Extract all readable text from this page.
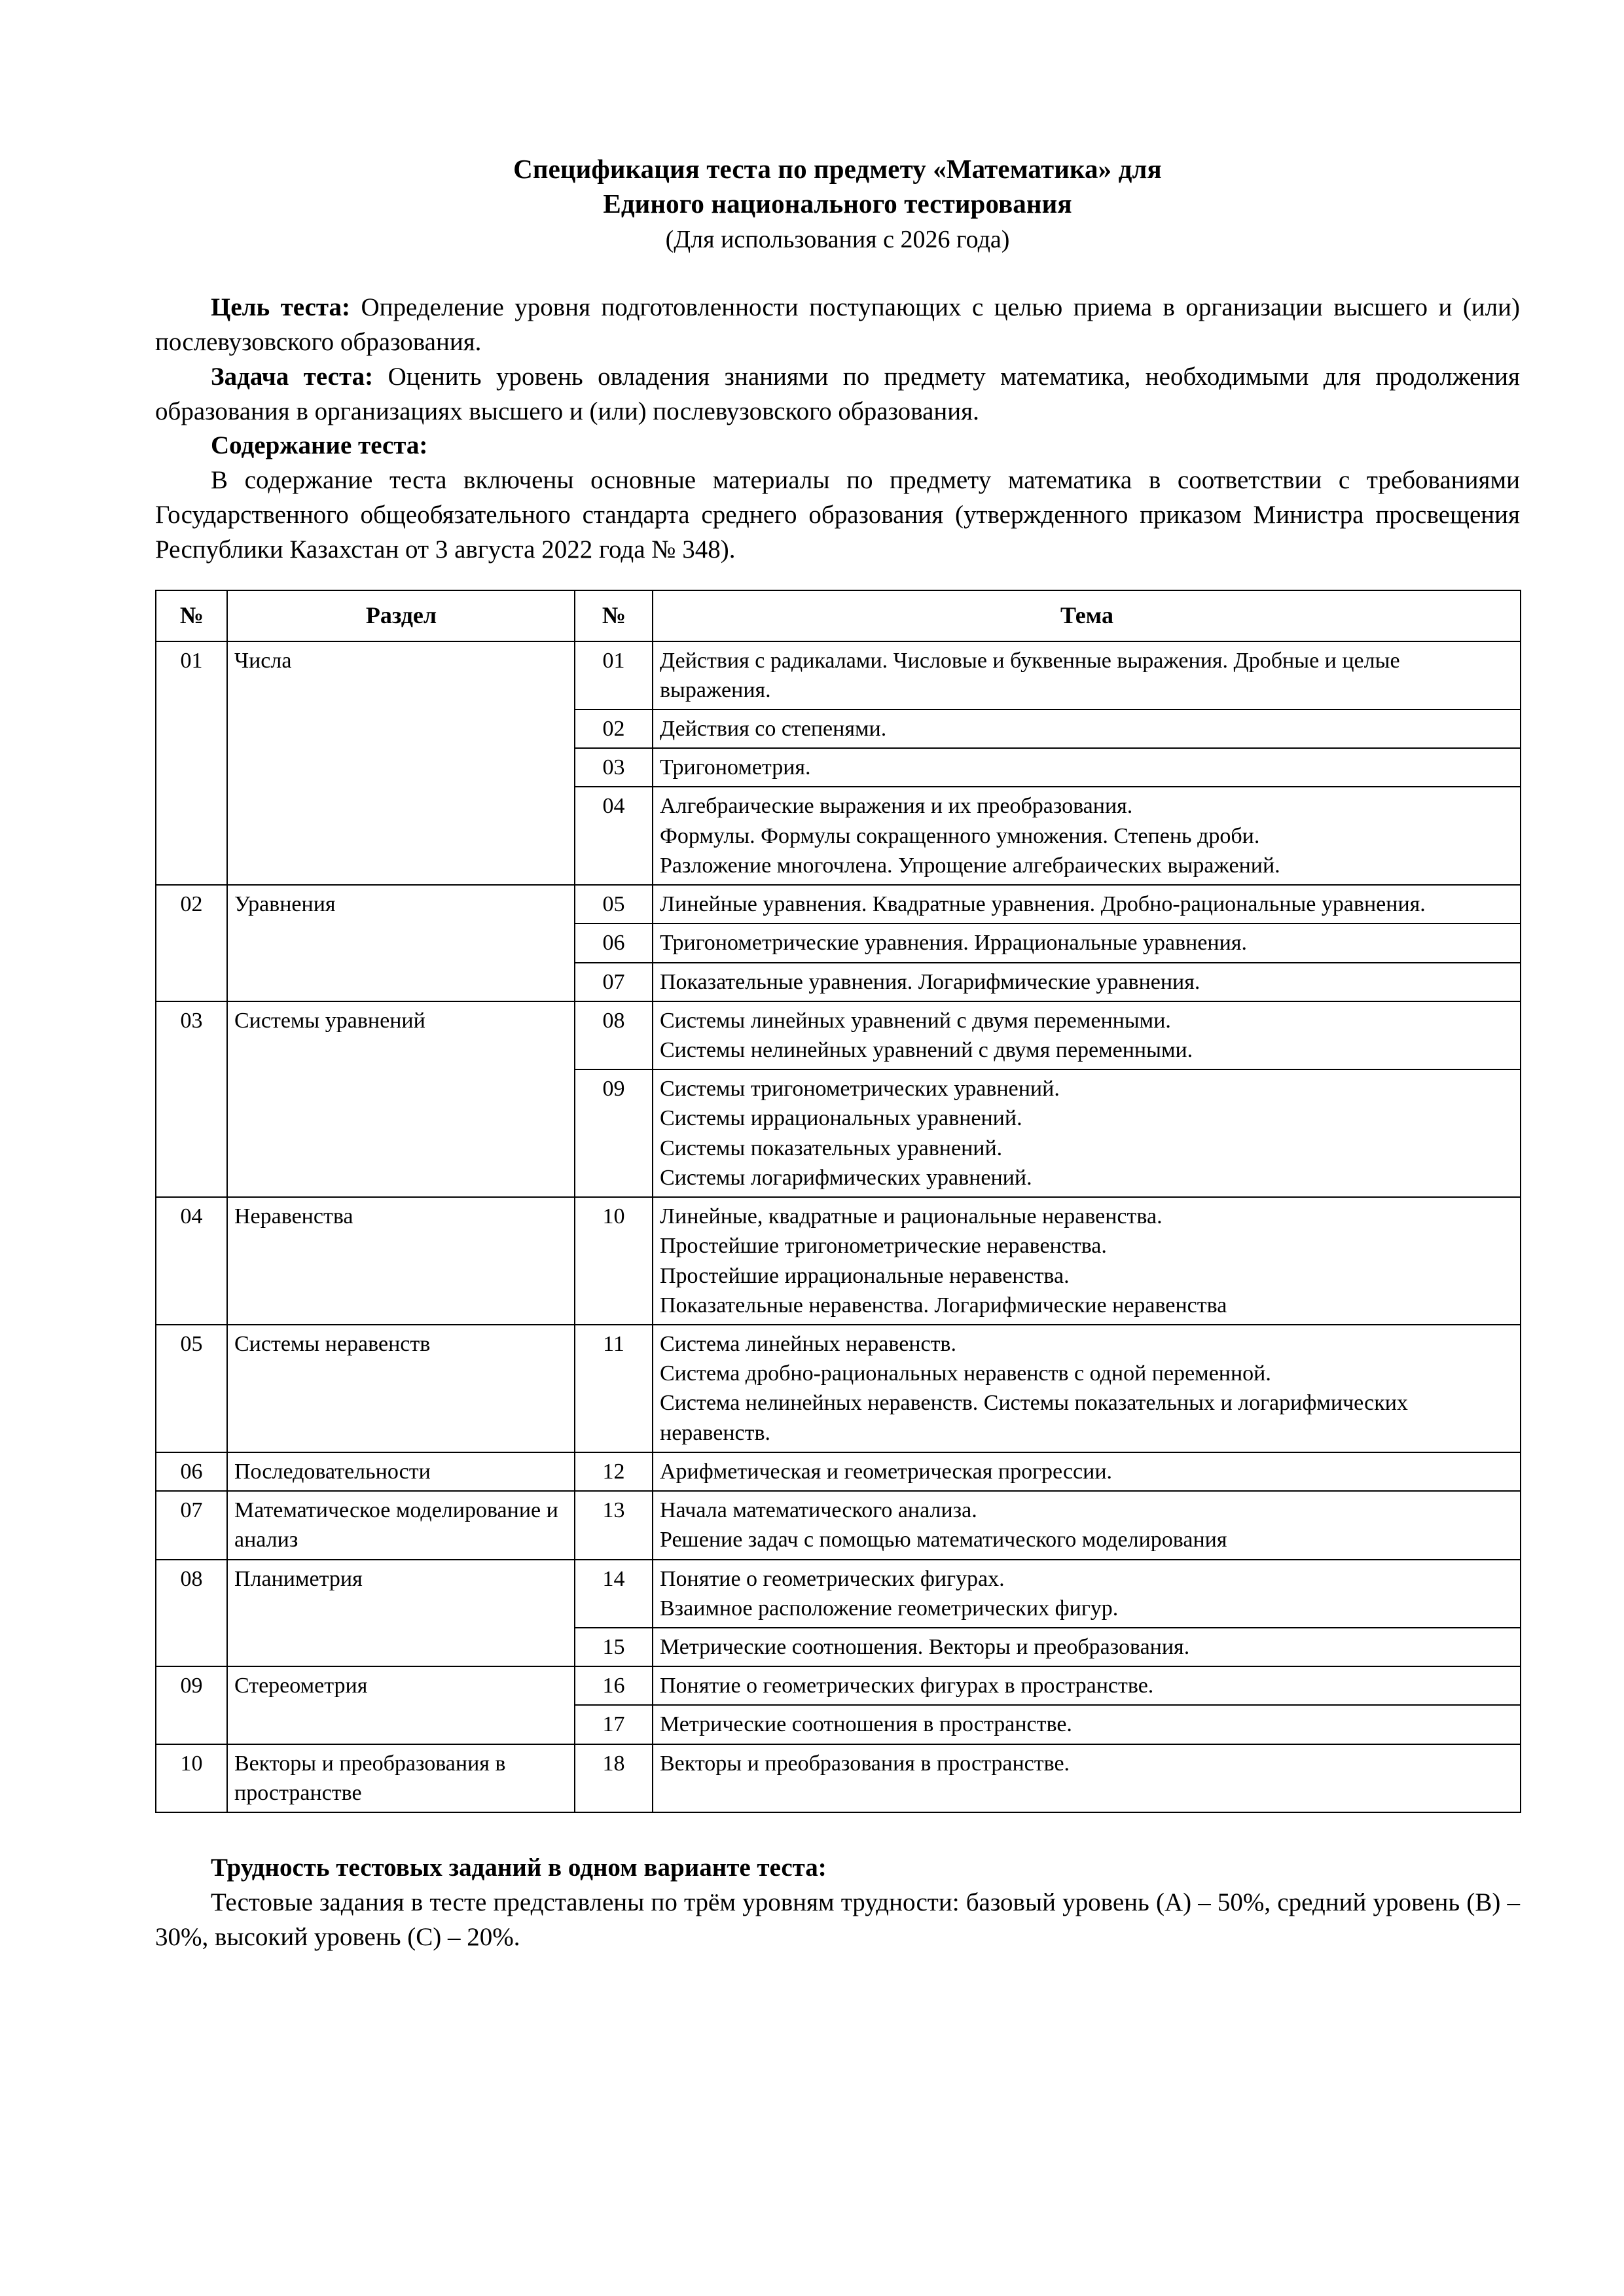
Спецификация теста по предмету «Математика» для
Единого национального тестирования
(Для использования с 2026 года)

Цель теста: Определение уровня подготовленности поступающих с целью приема в организации высшего и (или) послевузовского образования.

Задача теста: Оценить уровень овладения знаниями по предмету математика, необходимыми для продолжения образования в организациях высшего и (или) послевузовского образования.

Содержание теста:

В содержание теста включены основные материалы по предмету математика в соответствии с требованиями Государственного общеобязательного стандарта среднего образования (утвержденного приказом Министра просвещения Республики Казахстан от 3 августа 2022 года № 348).

№	Раздел	№	Тема
01	Числа	01	Действия с радикалами. Числовые и буквенные выражения. Дробные и целые выражения.

		02	Действия со степенями.

		03	Тригонометрия.

		04	Алгебраические выражения и их преобразования.
Формулы. Формулы сокращенного умножения. Степень дроби.
Разложение многочлена. Упрощение алгебраических выражений.

02	Уравнения	05	Линейные уравнения. Квадратные уравнения. Дробно-рациональные уравнения.

		06	Тригонометрические уравнения. Иррациональные уравнения.

		07	Показательные уравнения. Логарифмические уравнения.

03	Системы уравнений	08	Системы линейных уравнений с двумя переменными.
Системы нелинейных уравнений с двумя переменными.

		09	Системы тригонометрических уравнений.
Системы иррациональных уравнений.
Системы показательных уравнений.
Системы логарифмических уравнений.

04	Неравенства	10	Линейные, квадратные и рациональные неравенства.
Простейшие тригонометрические неравенства.
Простейшие иррациональные неравенства.
Показательные неравенства. Логарифмические неравенства

05	Системы неравенств	11	Система линейных неравенств.
Система дробно-рациональных неравенств с одной переменной.
Система нелинейных неравенств. Системы показательных и логарифмических неравенств.

06	Последовательности	12	Арифметическая и геометрическая прогрессии.

07	Математическое моделирование и анализ	13	Начала математического анализа.
Решение задач с помощью математического моделирования

08	Планиметрия	14	Понятие о геометрических фигурах.
Взаимное расположение геометрических фигур.

		15	Метрические соотношения. Векторы и преобразования.

09	Стереометрия	16	Понятие о геометрических фигурах в пространстве.

		17	Метрические соотношения в пространстве.

10	Векторы и преобразования в пространстве	18	Векторы и преобразования в пространстве.

Трудность тестовых заданий в одном варианте теста:

Тестовые задания в тесте представлены по трём уровням трудности: базовый уровень (А) – 50%, средний уровень (В) – 30%, высокий уровень (С) – 20%.
